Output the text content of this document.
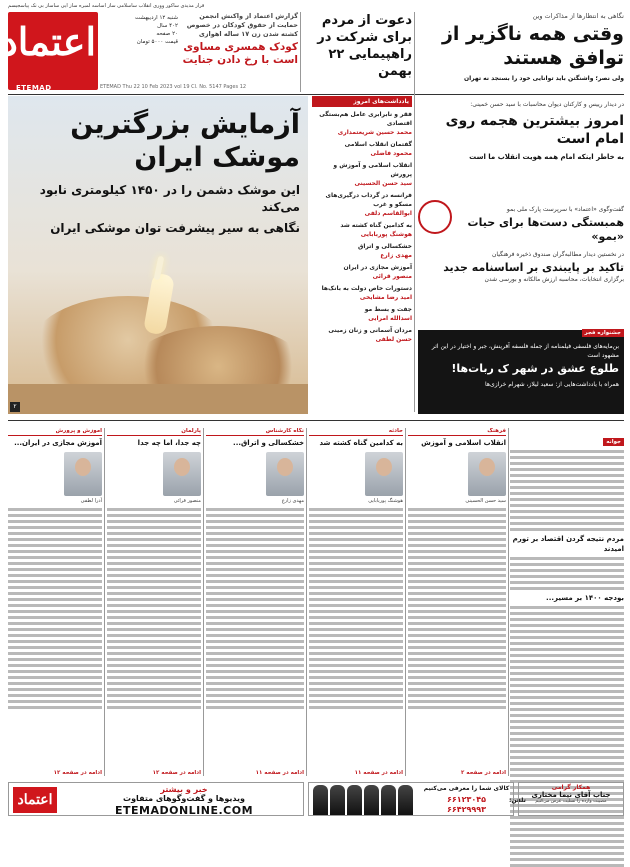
قرار مدیدی ساکور ووری انقلاب ساسلامی ساز اساسه لمبره ساز ایی ساساز بی نک پیاسجیسم
اعتماد
ETEMAD
شنبه ۱۲ اردیبهشت
۴۰۲ سال
۲۰ صفحه
قیمت ۵۰۰۰ تومان
ETEMAD Thu 22 10 Feb 2023 vol 19 Cl. No. 5147 Pages 12
گزارش اعتماد از واکنش انجمن حمایت از حقوق کودکان در خصوص کشته شدن زن ۱۷ ساله اهوازی
کودک همسری مساوی است با رخ دادن جنایت
دعوت از مردم برای شرکت در راهپیمایی ۲۲ بهمن
نگاهی به انتظارها از مذاکرات وین
وقتی همه ناگزیر از توافق هستند
ولی نصر؛ واشنگتن باید توانایی خود را بسنجد نه تهران
آزمایش بزرگترین موشک ایران
این موشک دشمن را در ۱۴۵۰ کیلومتری نابود می‌کند
نگاهی به سیر پیشرفت توان موشکی ایران
۲
یادداشت‌های امروز
فقر و نابرابری عامل هم‌بستگی اقتصادی
محمد حسین شریعتمداری
گفتمان انقلاب اسلامی
محمود فاضلی
انقلاب اسلامی و آموزش و پرورش
سید حسن الحسینی
فرانسه در گرداب درگیری‌های مسکو و غرب
ابوالقاسم دلفی
به کدامین گناه کشته شد
هوشنگ پوربابایی
خشکسالی و اتراق
مهدی زارع
آموزش مجازی در ایران
منصور قرائی
دستورات خاص دولت به بانک‌ها
امید رضا مشایخی
جفت و بسط مو
اسدالله امرایی
مردان آسمانی و زنان زمینی
حسن لطفی
در دیدار رییس و کارکنان دیوان محاسبات با سید حسن خمینی:
امروز بیشترین هجمه روی امام است
به خاطر اینکه امام همه هویت انقلاب ما است
گفت‌وگوی «اعتماد» با سرپرست پارک ملی بمو
همبستگی دست‌ها برای حیات «بمو»
در نخستین دیدار مطالبه‌گران صندوق ذخیره فرهنگیان
تاکید بر پایبندی بر اساسنامه جدید
برگزاری انتخابات، محاسبه ارزش مالکانه و بورسی شدن
جشنواره فجر
بن‌مایه‌های فلسفی فیلمنامه از جمله فلسفه آفرینش، جبر و اختیار در این اثر مشهود است
طلوع عشق در شهر ک ربات‌ها!
همراه با یادداشت‌هایی از: سعید لیلاز، شهرام خرازی‌ها
آموزش و پرورش
آموزش مجازی در ایران...
آذرا لطفی
ادامه در صفحه ۱۲
پارلمان
چه جدا، اما چه جدا
منصور قرائی
ادامه در صفحه ۱۲
نگاه کارشناس
خشکسالی و اتراق...
مهدی زارع
ادامه در صفحه ۱۱
حادثه
به کدامین گناه کشته شد
هوشنگ پوربابایی
ادامه در صفحه ۱۱
فرهنگ
انقلاب اسلامی و آموزش
سید حسن الحسینی
ادامه در صفحه ۲
جوانه
مردم نتیجه گردن اقتصاد بر تورم امیدند
بودجه ۱۴۰۰ بر مسیر...
اعتماد
خبر و بیشتر
ویدیوها و گفت‌وگوهای متفاوت
ETEMADONLINE.COM
کالای شما را معرفی می‌کنیم
۶۶۱۲۳۰۴۵
۶۶۴۲۹۹۹۳
تلفن:
همکار گرامی
جناب آقای نیما مختاری
مصیبت وارده را تسلیت عرض می‌کنیم
